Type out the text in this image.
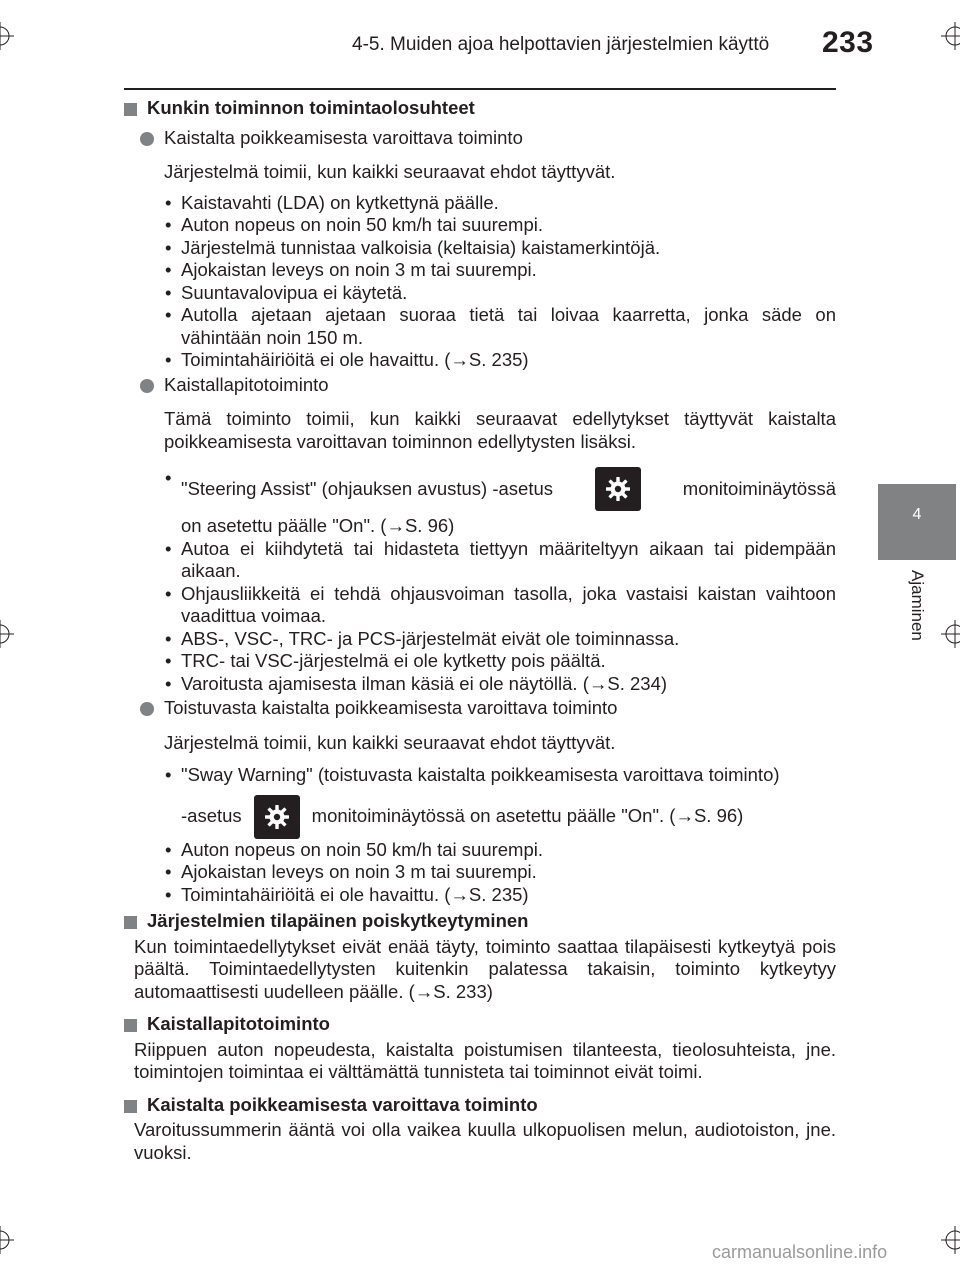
4-5. Muiden ajoa helpottavien järjestelmien käyttö 233
4
Ajaminen
Kunkin toiminnon toimintaolosuhteet
Kaistalta poikkeamisesta varoittava toiminto
Järjestelmä toimii, kun kaikki seuraavat ehdot täyttyvät.
• Kaistavahti (LDA) on kytkettynä päälle.
• Auton nopeus on noin 50 km/h tai suurempi.
• Järjestelmä tunnistaa valkoisia (keltaisia) kaistamerkintöjä.
• Ajokaistan leveys on noin 3 m tai suurempi.
• Suuntavalovipua ei käytetä.
• Autolla ajetaan ajetaan suoraa tietä tai loivaa kaarretta, jonka säde on vähintään noin 150 m.
• Toimintahäiriöitä ei ole havaittu. (→S. 235)
Kaistallapitotoiminto
Tämä toiminto toimii, kun kaikki seuraavat edellytykset täyttyvät kaistalta poikkeamisesta varoittavan toiminnon edellytysten lisäksi.
• "Steering Assist" (ohjauksen avustus) -asetus	monitoiminäytössä
on asetettu päälle "On". (→S. 96)
• Autoa ei kiihdytetä tai hidasteta tiettyyn määriteltyyn aikaan tai pidempään aikaan.
• Ohjausliikkeitä ei tehdä ohjausvoiman tasolla, joka vastaisi kaistan vaihtoon vaadittua voimaa.
• ABS-, VSC-, TRC- ja PCS-järjestelmät eivät ole toiminnassa.
• TRC- tai VSC-järjestelmä ei ole kytketty pois päältä.
• Varoitusta ajamisesta ilman käsiä ei ole näytöllä. (→S. 234)
Toistuvasta kaistalta poikkeamisesta varoittava toiminto
Järjestelmä toimii, kun kaikki seuraavat ehdot täyttyvät.
• "Sway Warning" (toistuvasta kaistalta poikkeamisesta varoittava toiminto)
-asetus	monitoiminäytössä on asetettu päälle "On". (→S. 96)
• Auton nopeus on noin 50 km/h tai suurempi.
• Ajokaistan leveys on noin 3 m tai suurempi.
• Toimintahäiriöitä ei ole havaittu. (→S. 235)
Järjestelmien tilapäinen poiskytkeytyminen
Kun toimintaedellytykset eivät enää täyty, toiminto saattaa tilapäisesti kytkeytyä pois päältä. Toimintaedellytysten kuitenkin palatessa takaisin, toiminto kytkeytyy automaattisesti uudelleen päälle. (→S. 233)
Kaistallapitotoiminto
Riippuen auton nopeudesta, kaistalta poistumisen tilanteesta, tieolosuhteista, jne. toimintojen toimintaa ei välttämättä tunnisteta tai toiminnot eivät toimi.
Kaistalta poikkeamisesta varoittava toiminto
Varoitussummerin ääntä voi olla vaikea kuulla ulkopuolisen melun, audiotoiston, jne. vuoksi.
carmanualsonline.info
